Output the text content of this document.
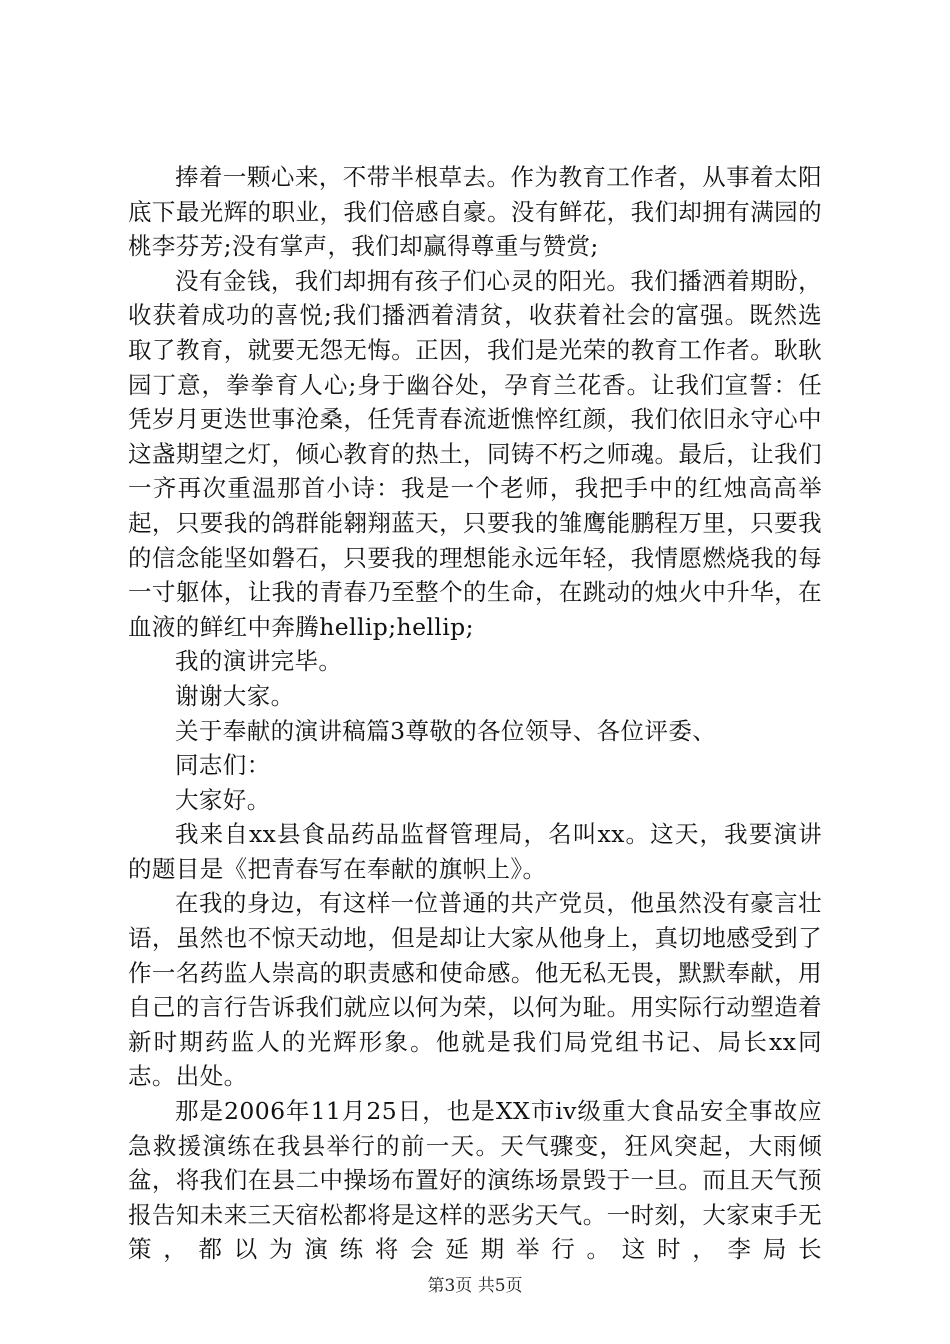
捧着一颗心来，不带半根草去。作为教育工作者，从事着太阳底下最光辉的职业，我们倍感自豪。没有鲜花，我们却拥有满园的桃李芬芳;没有掌声，我们却赢得尊重与赞赏;

没有金钱，我们却拥有孩子们心灵的阳光。我们播洒着期盼，收获着成功的喜悦;我们播洒着清贫，收获着社会的富强。既然选取了教育，就要无怨无悔。正因，我们是光荣的教育工作者。耿耿园丁意，拳拳育人心;身于幽谷处，孕育兰花香。让我们宣誓：任凭岁月更迭世事沧桑，任凭青春流逝憔悴红颜，我们依旧永守心中这盏期望之灯，倾心教育的热土，同铸不朽之师魂。最后，让我们一齐再次重温那首小诗：我是一个老师，我把手中的红烛高高举起，只要我的鸽群能翱翔蓝天，只要我的雏鹰能鹏程万里，只要我的信念能坚如磐石，只要我的理想能永远年轻，我情愿燃烧我的每一寸躯体，让我的青春乃至整个的生命，在跳动的烛火中升华，在血液的鲜红中奔腾hellip;hellip;

我的演讲完毕。

谢谢大家。

关于奉献的演讲稿篇3尊敬的各位领导、各位评委、

同志们：

大家好。

我来自xx县食品药品监督管理局，名叫xx。这天，我要演讲的题目是《把青春写在奉献的旗帜上》。

在我的身边，有这样一位普通的共产党员，他虽然没有豪言壮语，虽然也不惊天动地，但是却让大家从他身上，真切地感受到了作一名药监人崇高的职责感和使命感。他无私无畏，默默奉献，用自己的言行告诉我们就应以何为荣，以何为耻。用实际行动塑造着新时期药监人的光辉形象。他就是我们局党组书记、局长xx同志。出处。

那是2006年11月25日，也是XX市iv级重大食品安全事故应急救援演练在我县举行的前一天。天气骤变，狂风突起，大雨倾盆，将我们在县二中操场布置好的演练场景毁于一旦。而且天气预报告知未来三天宿松都将是这样的恶劣天气。一时刻，大家束手无策，都以为演练将会延期举行。这时，李局长

第3页 共5页
